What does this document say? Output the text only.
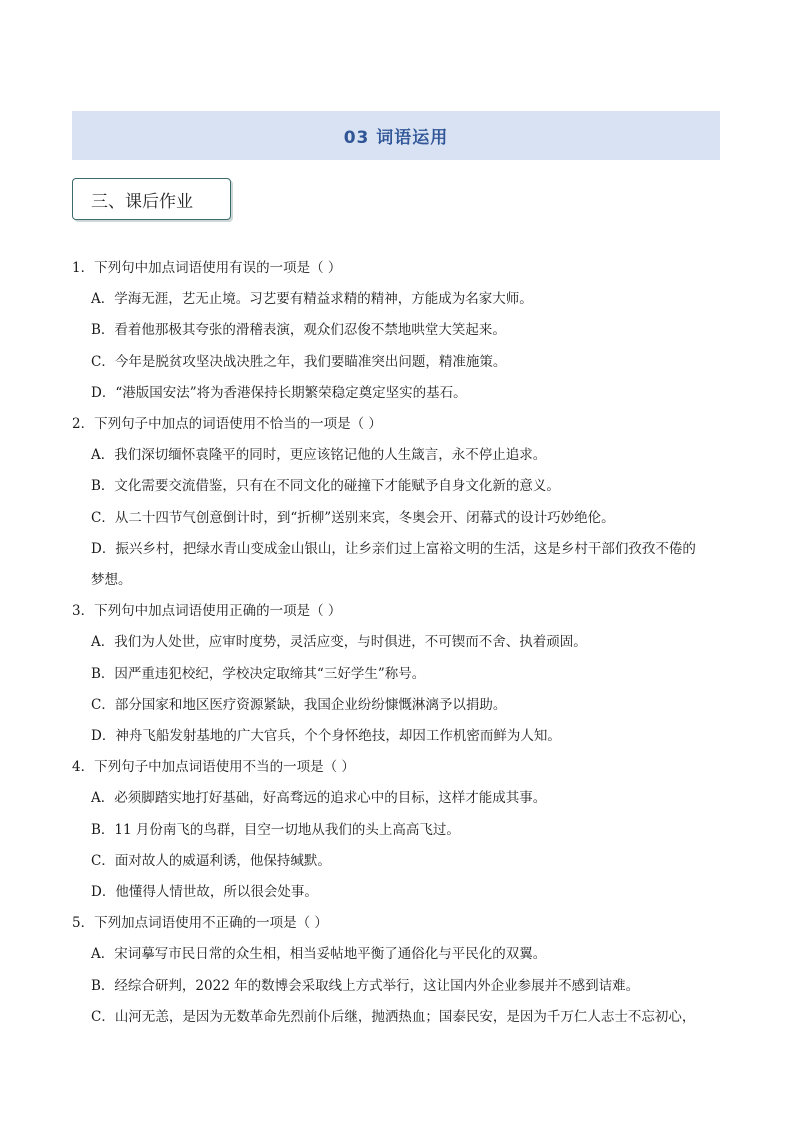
03 词语运用
三、课后作业
1．下列句中加点词语使用有误的一项是（ ）
A．学海无涯，艺无止境。习艺要有精益求精的精神，方能成为名家大师。
B．看着他那极其夸张的滑稽表演，观众们忍俊不禁地哄堂大笑起来。
C．今年是脱贫攻坚决战决胜之年，我们要瞄准突出问题，精准施策。
D．“港版国安法”将为香港保持长期繁荣稳定奠定坚实的基石。
2．下列句子中加点的词语使用不恰当的一项是（ ）
A．我们深切缅怀袁隆平的同时，更应该铭记他的人生箴言，永不停止追求。
B．文化需要交流借鉴，只有在不同文化的碰撞下才能赋予自身文化新的意义。
C．从二十四节气创意倒计时，到“折柳”送别来宾，冬奥会开、闭幕式的设计巧妙绝伦。
D．振兴乡村，把绿水青山变成金山银山，让乡亲们过上富裕文明的生活，这是乡村干部们孜孜不倦的
梦想。
3．下列句中加点词语使用正确的一项是（ ）
A．我们为人处世，应审时度势，灵活应变，与时俱进，不可锲而不舍、执着顽固。
B．因严重违犯校纪，学校决定取缔其“三好学生”称号。
C．部分国家和地区医疗资源紧缺，我国企业纷纷慷慨淋漓予以捐助。
D．神舟飞船发射基地的广大官兵，个个身怀绝技，却因工作机密而鲜为人知。
4．下列句子中加点词语使用不当的一项是（ ）
A．必须脚踏实地打好基础，好高骛远的追求心中的目标，这样才能成其事。
B．11 月份南飞的鸟群，目空一切地从我们的头上高高飞过。
C．面对故人的威逼利诱，他保持缄默。
D．他懂得人情世故，所以很会处事。
5．下列加点词语使用不正确的一项是（ ）
A．宋词摹写市民日常的众生相，相当妥帖地平衡了通俗化与平民化的双翼。
B．经综合研判，2022 年的数博会采取线上方式举行，这让国内外企业参展并不感到诘难。
C．山河无恙，是因为无数革命先烈前仆后继，抛洒热血；国泰民安，是因为千万仁人志士不忘初心，
